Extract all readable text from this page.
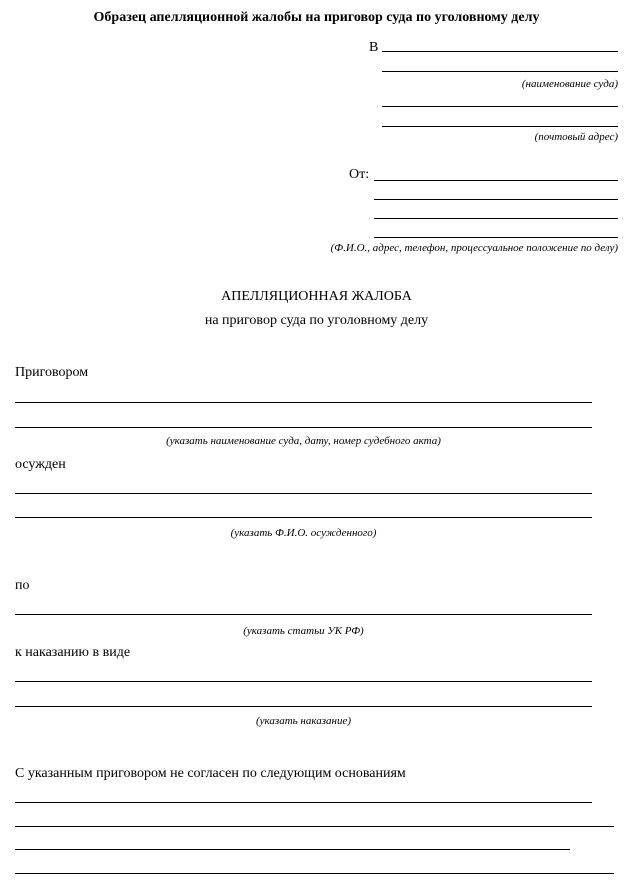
Образец апелляционной жалобы на приговор суда по уголовному делу
В
(наименование суда)
(почтовый адрес)
От:
(Ф.И.О., адрес, телефон, процессуальное положение по делу)
АПЕЛЛЯЦИОННАЯ ЖАЛОБА
на приговор суда по уголовному делу
Приговором
(указать наименование суда, дату, номер судебного акта)
осужден
(указать Ф.И.О. осужденного)
по
(указать статьи УК РФ)
к наказанию в виде
(указать наказание)
С указанным приговором не согласен по следующим основаниям
